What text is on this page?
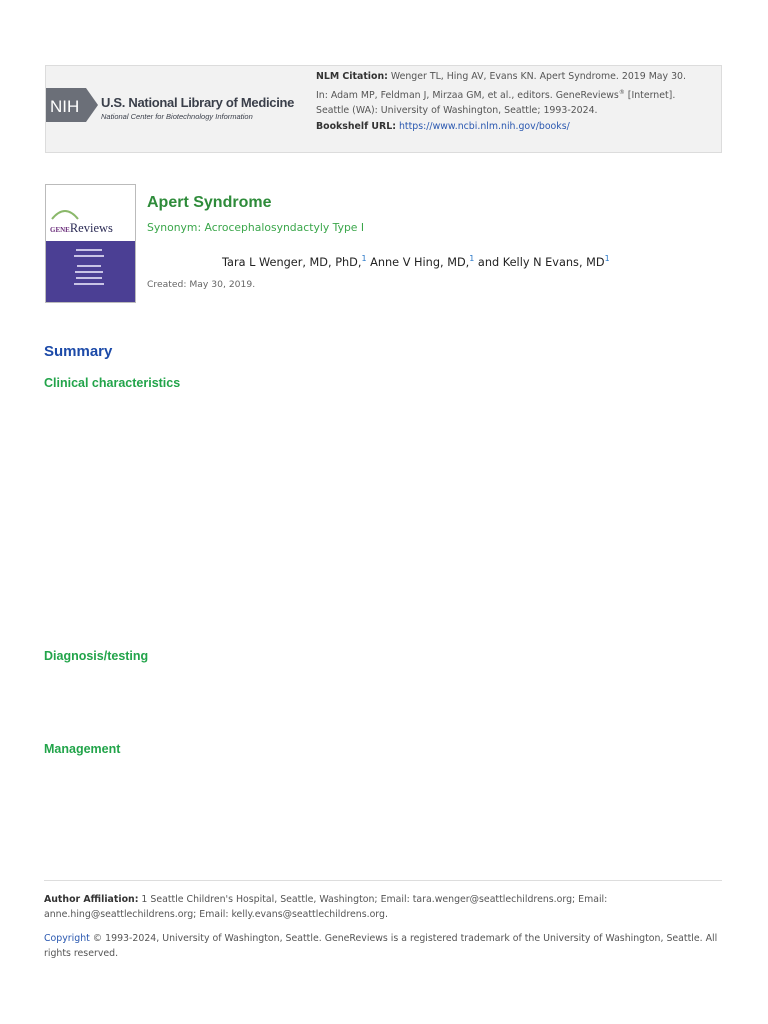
NIH U.S. National Library of Medicine
National Center for Biotechnology Information
NLM Citation: Wenger TL, Hing AV, Evans KN. Apert Syndrome. 2019 May 30.
In: Adam MP, Feldman J, Mirzaa GM, et al., editors. GeneReviews® [Internet].
Seattle (WA): University of Washington, Seattle; 1993-2024.
Bookshelf URL: https://www.ncbi.nlm.nih.gov/books/
GENEReviews
Apert Syndrome
Synonym: Acrocephalosyndactyly Type I
Tara L Wenger, MD, PhD,$^1$ Anne V Hing, MD,$^1$ and Kelly N Evans, $MD^1$
Created: May 30, 2019.
Summary
Clinical characteristics
Diagnosis/testing
Management
Author Affiliation: 1 Seattle Children's Hospital, Seattle, Washington; Email: tara.wenger@seattlechildrens.org; Email: anne.hing@seattlechildrens.org; Email: kelly.evans@seattlechildrens.org.
Copyright © 1993-2024, University of Washington, Seattle. GeneReviews is a registered trademark of the University of Washington, Seattle. All rights reserved.
